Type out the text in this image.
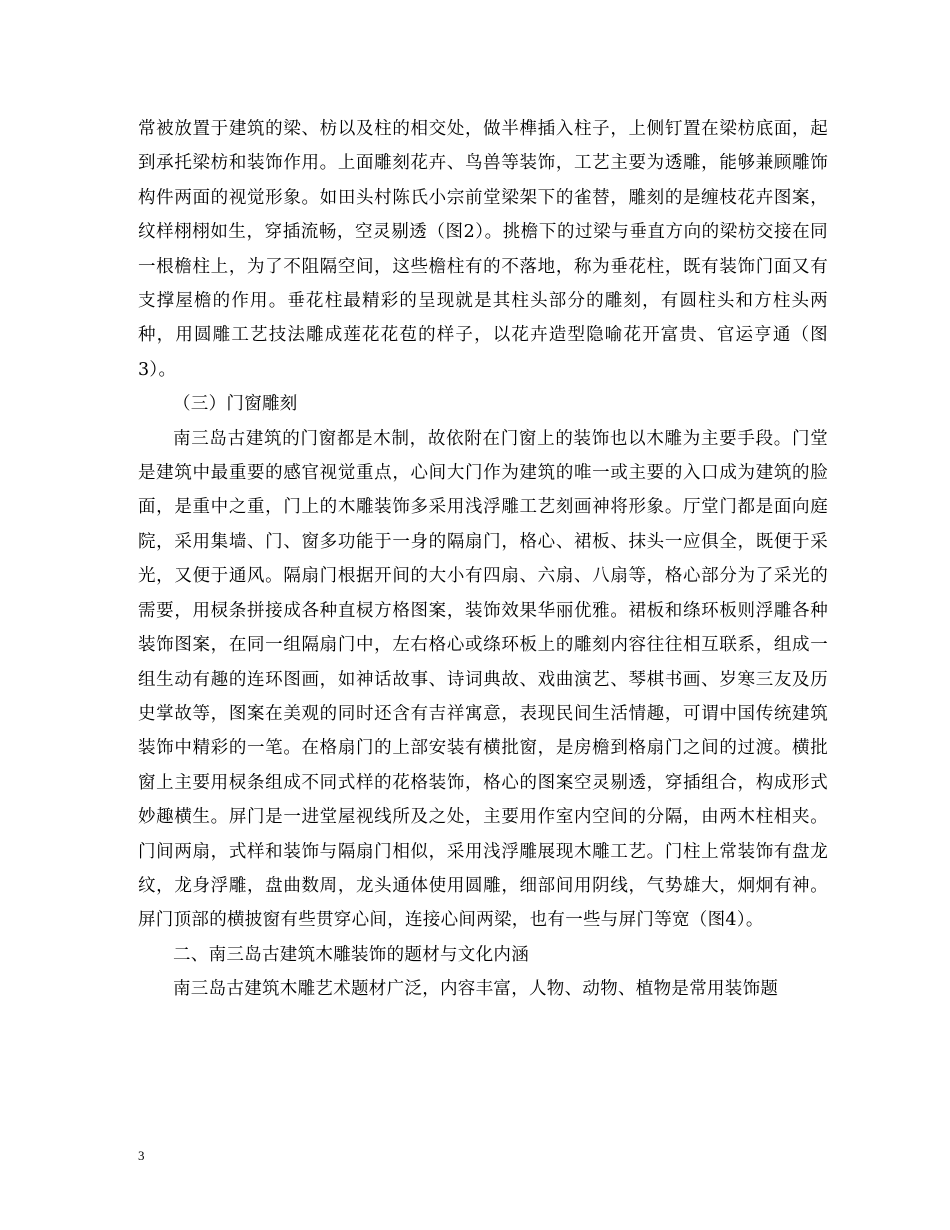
常被放置于建筑的梁、枋以及柱的相交处，做半榫插入柱子，上侧钉置在梁枋底面，起到承托梁枋和装饰作用。上面雕刻花卉、鸟兽等装饰，工艺主要为透雕，能够兼顾雕饰构件两面的视觉形象。如田头村陈氏小宗前堂梁架下的雀替，雕刻的是缠枝花卉图案，纹样栩栩如生，穿插流畅，空灵剔透（图2）。挑檐下的过梁与垂直方向的梁枋交接在同一根檐柱上，为了不阻隔空间，这些檐柱有的不落地，称为垂花柱，既有装饰门面又有支撑屋檐的作用。垂花柱最精彩的呈现就是其柱头部分的雕刻，有圆柱头和方柱头两种，用圆雕工艺技法雕成莲花花苞的样子，以花卉造型隐喻花开富贵、官运亨通（图3）。

（三）门窗雕刻

南三岛古建筑的门窗都是木制，故依附在门窗上的装饰也以木雕为主要手段。门堂是建筑中最重要的感官视觉重点，心间大门作为建筑的唯一或主要的入口成为建筑的脸面，是重中之重，门上的木雕装饰多采用浅浮雕工艺刻画神将形象。厅堂门都是面向庭院，采用集墙、门、窗多功能于一身的隔扇门，格心、裙板、抹头一应俱全，既便于采光，又便于通风。隔扇门根据开间的大小有四扇、六扇、八扇等，格心部分为了采光的需要，用棂条拼接成各种直棂方格图案，装饰效果华丽优雅。裙板和绦环板则浮雕各种装饰图案，在同一组隔扇门中，左右格心或绦环板上的雕刻内容往往相互联系，组成一组生动有趣的连环图画，如神话故事、诗词典故、戏曲演艺、琴棋书画、岁寒三友及历史掌故等，图案在美观的同时还含有吉祥寓意，表现民间生活情趣，可谓中国传统建筑装饰中精彩的一笔。在格扇门的上部安装有横批窗，是房檐到格扇门之间的过渡。横批窗上主要用棂条组成不同式样的花格装饰，格心的图案空灵剔透，穿插组合，构成形式妙趣横生。屏门是一进堂屋视线所及之处，主要用作室内空间的分隔，由两木柱相夹。门间两扇，式样和装饰与隔扇门相似，采用浅浮雕展现木雕工艺。门柱上常装饰有盘龙纹，龙身浮雕，盘曲数周，龙头通体使用圆雕，细部间用阴线，气势雄大，炯炯有神。屏门顶部的横披窗有些贯穿心间，连接心间两梁，也有一些与屏门等宽（图4）。

二、南三岛古建筑木雕装饰的题材与文化内涵

南三岛古建筑木雕艺术题材广泛，内容丰富，人物、动物、植物是常用装饰题

3
